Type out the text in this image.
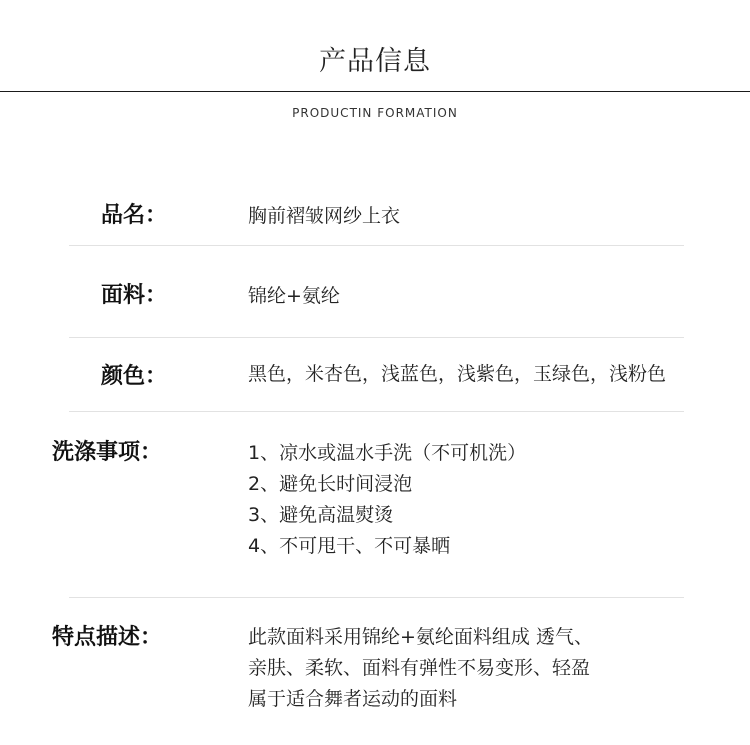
产品信息
PRODUCTIN FORMATION
品名：	胸前褶皱网纱上衣
面料：	锦纶+氨纶
颜色：	黑色，米杏色，浅蓝色，浅紫色，玉绿色，浅粉色
洗涤事项：	1、凉水或温水手洗（不可机洗）
2、避免长时间浸泡
3、避免高温熨烫
4、不可甩干、不可暴晒
特点描述：	此款面料采用锦纶+氨纶面料组成 透气、
亲肤、柔软、面料有弹性不易变形、轻盈
属于适合舞者运动的面料
